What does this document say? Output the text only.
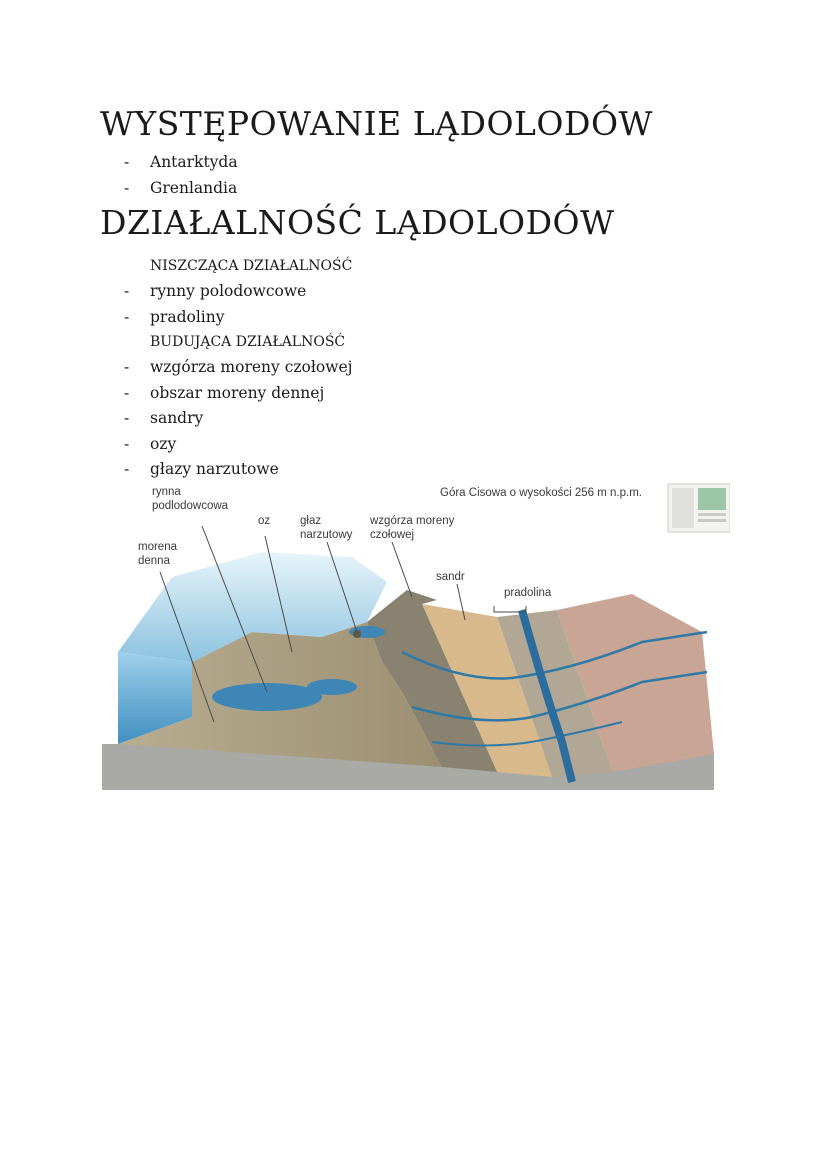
WYSTĘPOWANIE LĄDOLODÓW
- Antarktyda
- Grenlandia
DZIAŁALNOŚĆ LĄDOLODÓW
NISZCZĄCA DZIAŁALNOŚĆ
- rynny polodowcowe
- pradoliny
BUDUJĄCA DZIAŁALNOŚĆ
- wzgórza moreny czołowej
- obszar moreny dennej
- sandry
- ozy
- głazy narzutowe
rynna
podlodowcowa
morena
denna
oz	głaz
narzutowy
wzgórza moreny
czołowej
sandr
pradolina
Góra Cisowa o wysokości 256 m n.p.m.
